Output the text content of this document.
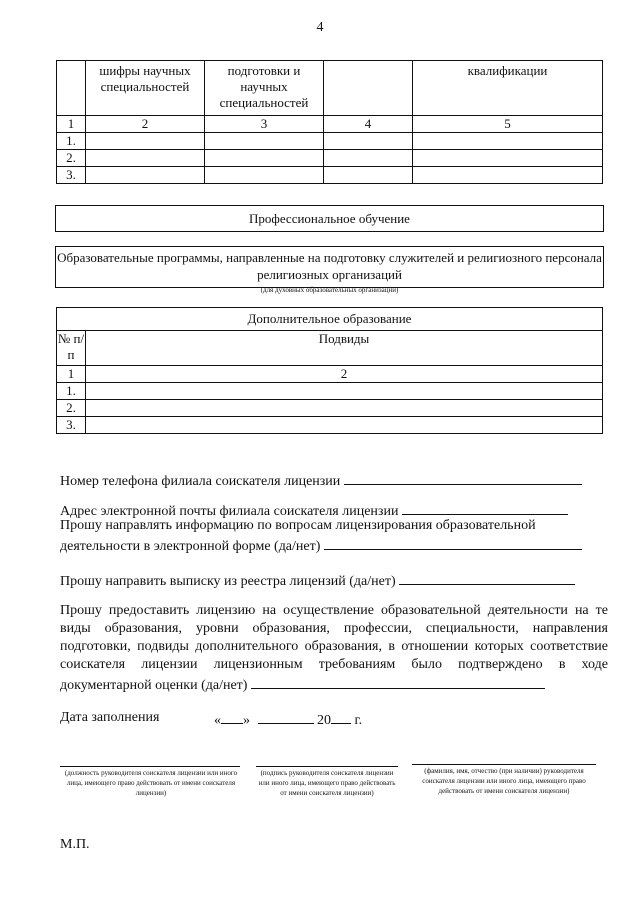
4
	шифры научных специальностей	подготовки и научных специальностей		квалификации
1	2	3	4	5
1.				
2.				
3.				
Профессиональное обучение
Образовательные программы, направленные на подготовку служителей и религиозного персонала религиозных организаций
(для духовных образовательных организаций)
Дополнительное образование	
№ п/п	Подвиды
1	2
1.	
2.	
3.	
Номер телефона филиала соискателя лицензии
Адрес электронной почты филиала соискателя лицензии
Прошу направлять информацию по вопросам лицензирования образовательной
деятельности в электронной форме (да/нет)
Прошу направить выписку из реестра лицензий (да/нет)
Прошу предоставить лицензию на осуществление образовательной деятельности на те виды образования, уровни образования, профессии, специальности, направления подготовки, подвиды дополнительного образования, в отношении которых соответствие соискателя лицензии лицензионным требованиям было подтверждено в ходе документарной оценки (да/нет)
Дата заполнения	« »	20 г.
(должность руководителя соискателя лицензии или иного лица, имеющего право действовать от имени соискателя лицензии)
(подпись руководителя соискателя лицензии или иного лица, имеющего право действовать от имени соискателя лицензии)
(фамилия, имя, отчество (при наличии) руководителя соискателя лицензии или иного лица, имеющего право действовать от имени соискателя лицензии)
М.П.
